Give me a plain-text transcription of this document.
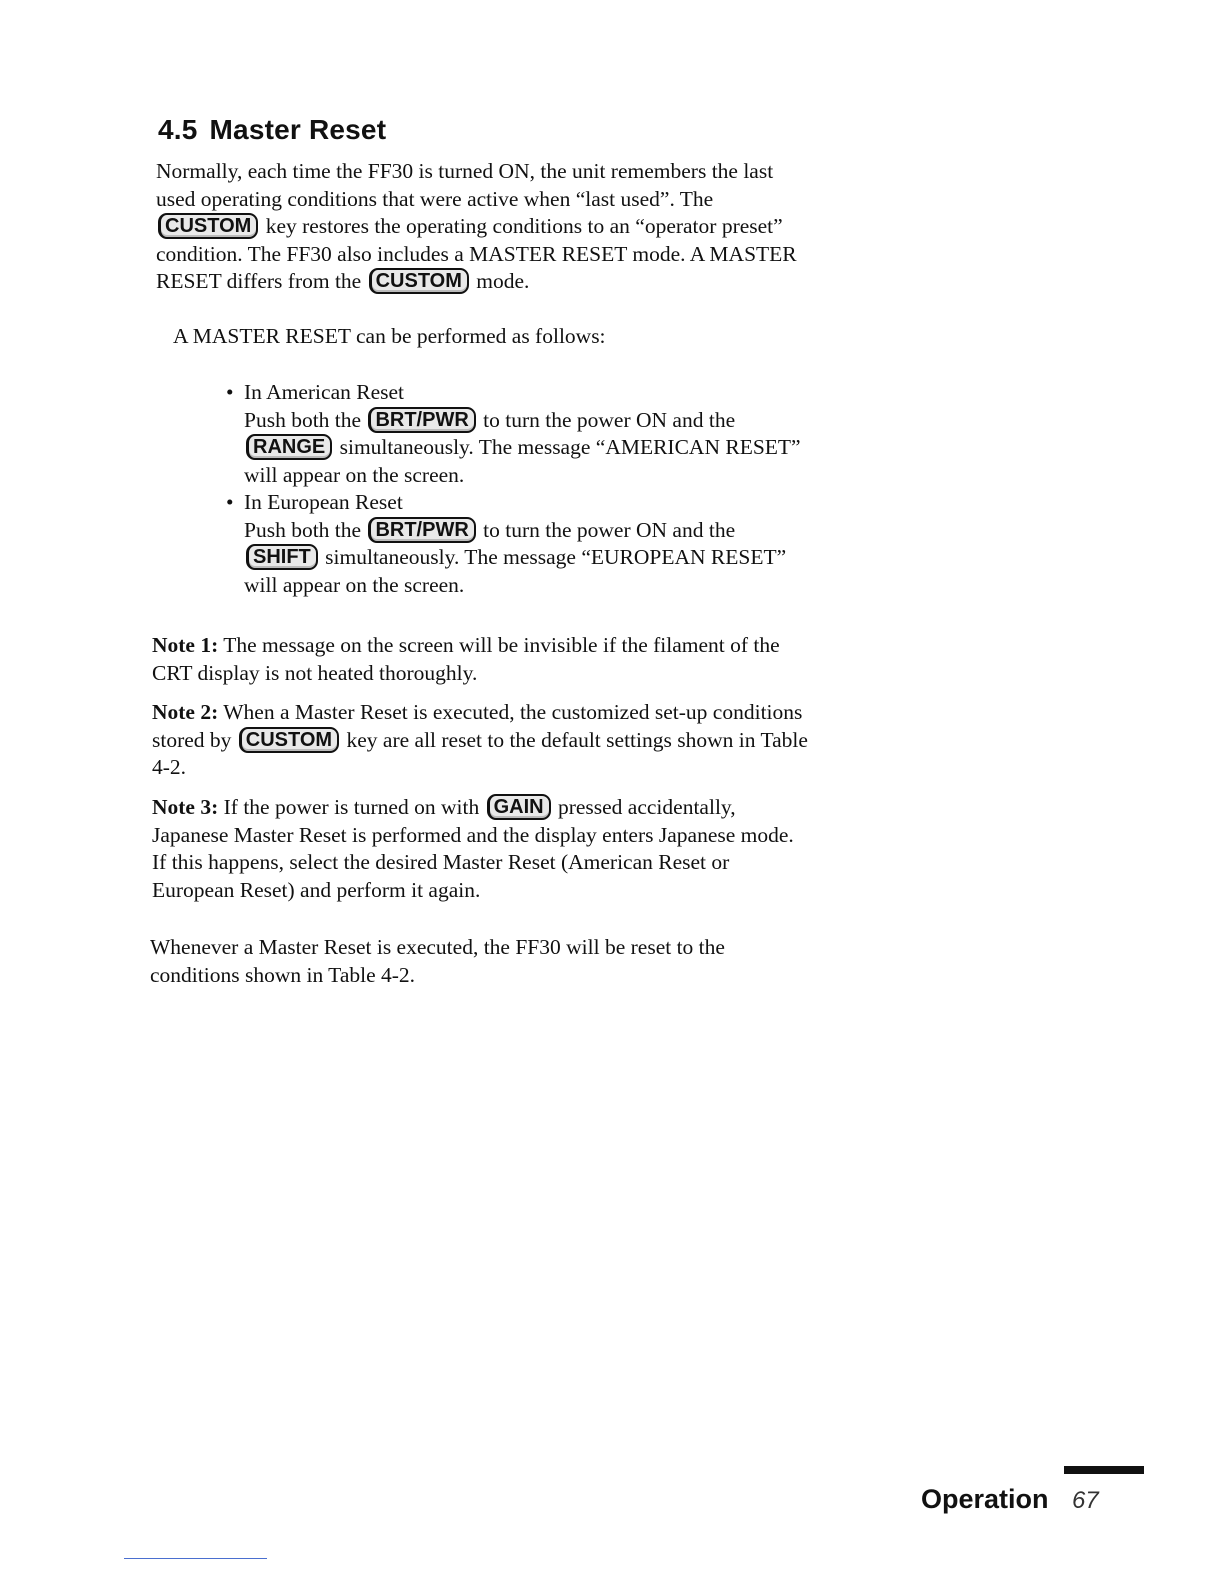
4.5 Master Reset

Normally, each time the FF30 is turned ON, the unit remembers the last used operating conditions that were active when “last used”. The CUSTOM key restores the operating conditions to an “operator preset” condition. The FF30 also includes a MASTER RESET mode. A MASTER RESET differs from the CUSTOM mode.

A MASTER RESET can be performed as follows:

• In American Reset
Push both the BRT/PWR to turn the power ON and the RANGE simultaneously. The message “AMERICAN RESET” will appear on the screen.
• In European Reset
Push both the BRT/PWR to turn the power ON and the SHIFT simultaneously. The message “EUROPEAN RESET” will appear on the screen.

Note 1: The message on the screen will be invisible if the filament of the CRT display is not heated thoroughly.

Note 2: When a Master Reset is executed, the customized set-up conditions stored by CUSTOM key are all reset to the default settings shown in Table 4-2.

Note 3: If the power is turned on with GAIN pressed accidentally, Japanese Master Reset is performed and the display enters Japanese mode. If this happens, select the desired Master Reset (American Reset or European Reset) and perform it again.

Whenever a Master Reset is executed, the FF30 will be reset to the conditions shown in Table 4-2.

Operation 67
